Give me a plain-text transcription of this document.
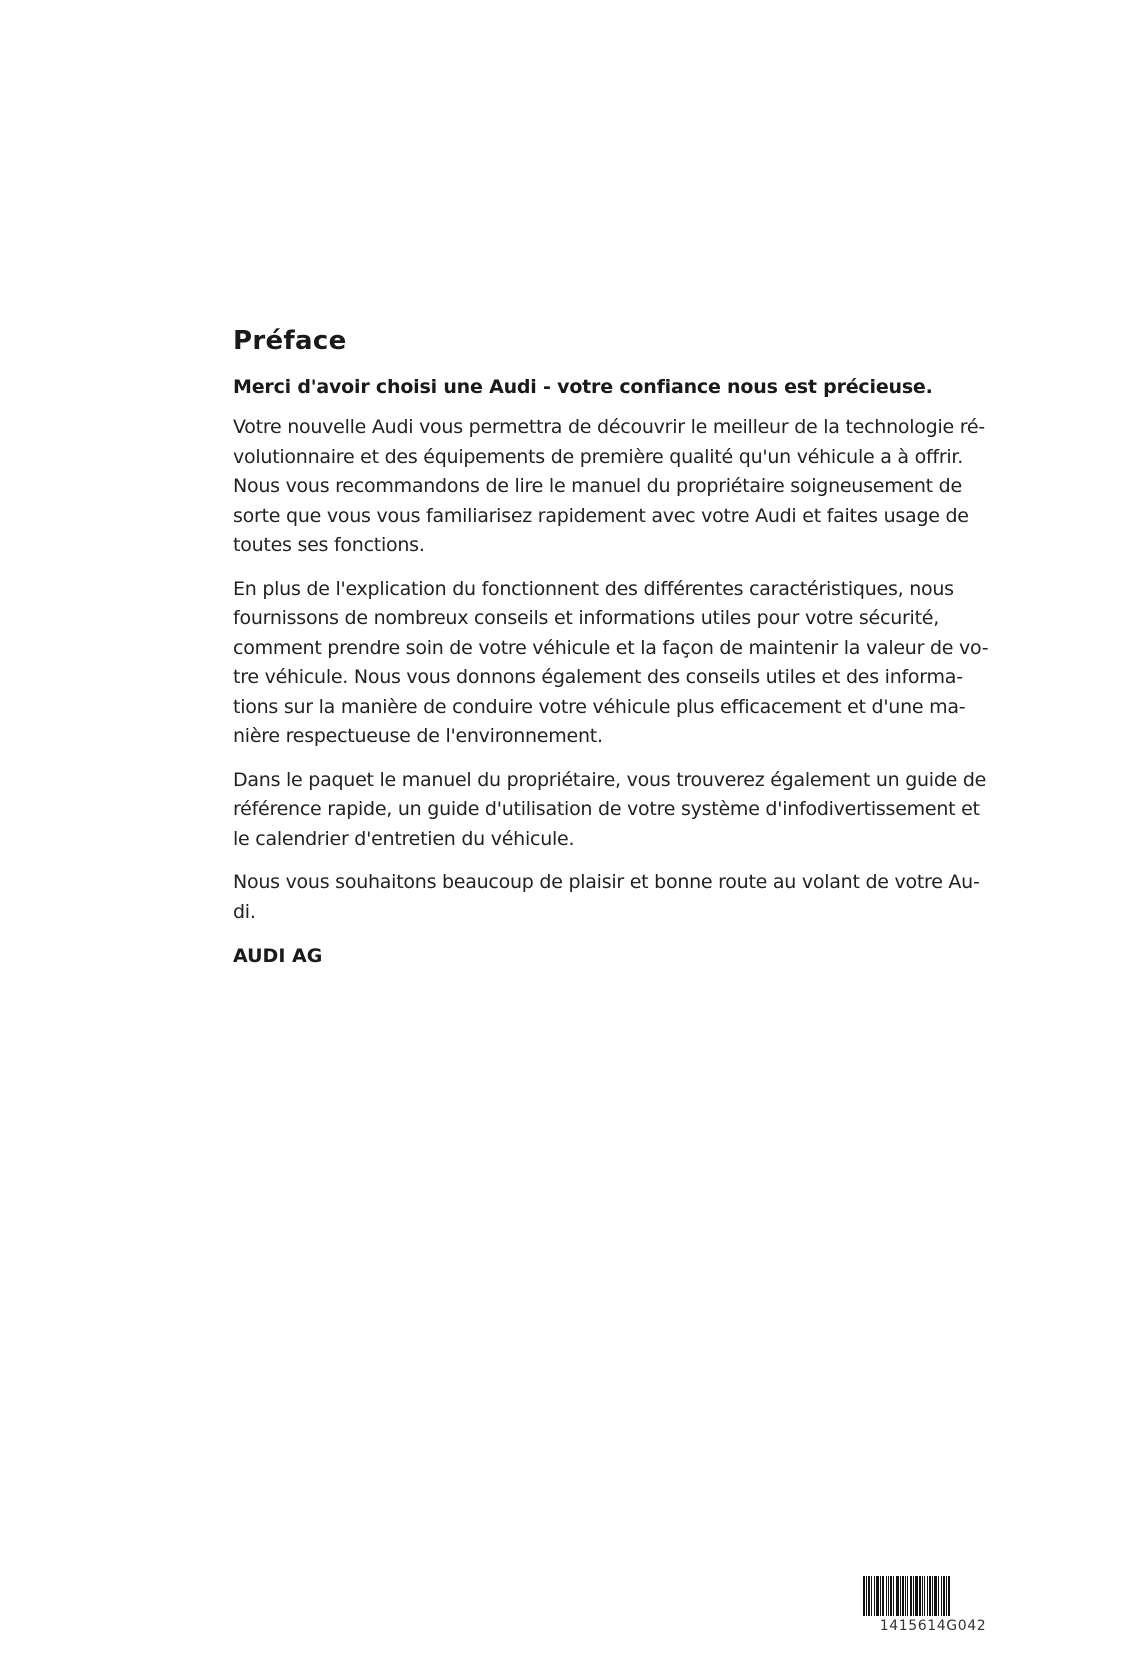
Préface

Merci d'avoir choisi une Audi - votre confiance nous est précieuse.

Votre nouvelle Audi vous permettra de découvrir le meilleur de la technologie ré-
volutionnaire et des équipements de première qualité qu'un véhicule a à offrir.
Nous vous recommandons de lire le manuel du propriétaire soigneusement de
sorte que vous vous familiarisez rapidement avec votre Audi et faites usage de
toutes ses fonctions.
En plus de l'explication du fonctionnent des différentes caractéristiques, nous
fournissons de nombreux conseils et informations utiles pour votre sécurité,
comment prendre soin de votre véhicule et la façon de maintenir la valeur de vo-
tre véhicule. Nous vous donnons également des conseils utiles et des informa-
tions sur la manière de conduire votre véhicule plus efficacement et d'une ma-
nière respectueuse de l'environnement.
Dans le paquet le manuel du propriétaire, vous trouverez également un guide de
référence rapide, un guide d'utilisation de votre système d'infodivertissement et
le calendrier d'entretien du véhicule.
Nous vous souhaitons beaucoup de plaisir et bonne route au volant de votre Au-
di.

AUDI AG

1415614G042
